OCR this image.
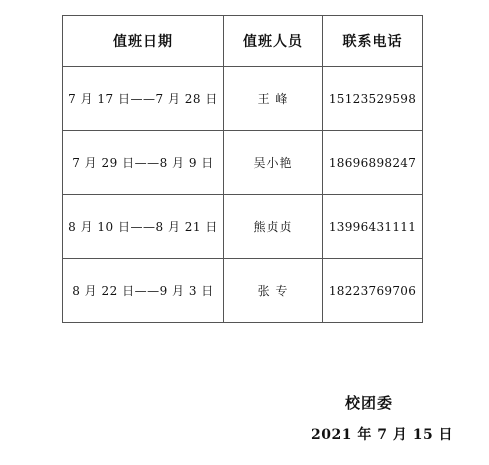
值班日期	值班人员	联系电话
7 月 17 日——7 月 28 日	王 峰	15123529598
7 月 29 日——8 月 9 日	吴小艳	18696898247
8 月 10 日——8 月 21 日	熊贞贞	13996431111
8 月 22 日——9 月 3 日	张 专	18223769706
校团委
2021 年 7 月 15 日
